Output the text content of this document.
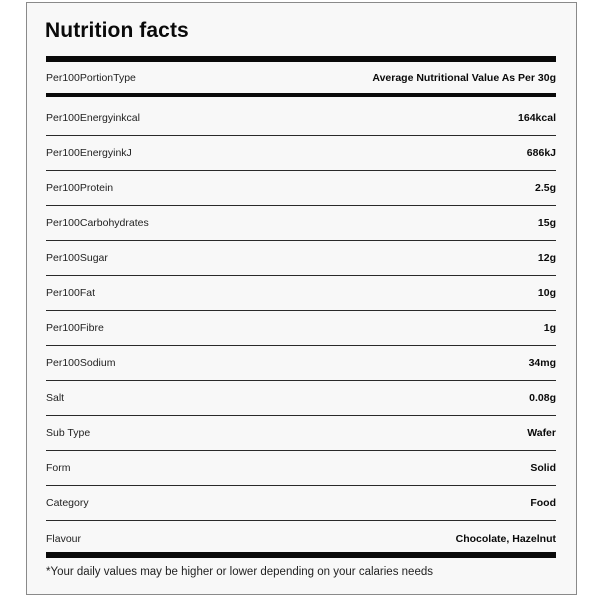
Nutrition facts
Per100PortionType	Average Nutritional Value As Per 30g
Per100Energyinkcal	164kcal
Per100EnergyinkJ	686kJ
Per100Protein	2.5g
Per100Carbohydrates	15g
Per100Sugar	12g
Per100Fat	10g
Per100Fibre	1g
Per100Sodium	34mg
Salt	0.08g
Sub Type	Wafer
Form	Solid
Category	Food
Flavour	Chocolate, Hazelnut
*Your daily values may be higher or lower depending on your calaries needs
